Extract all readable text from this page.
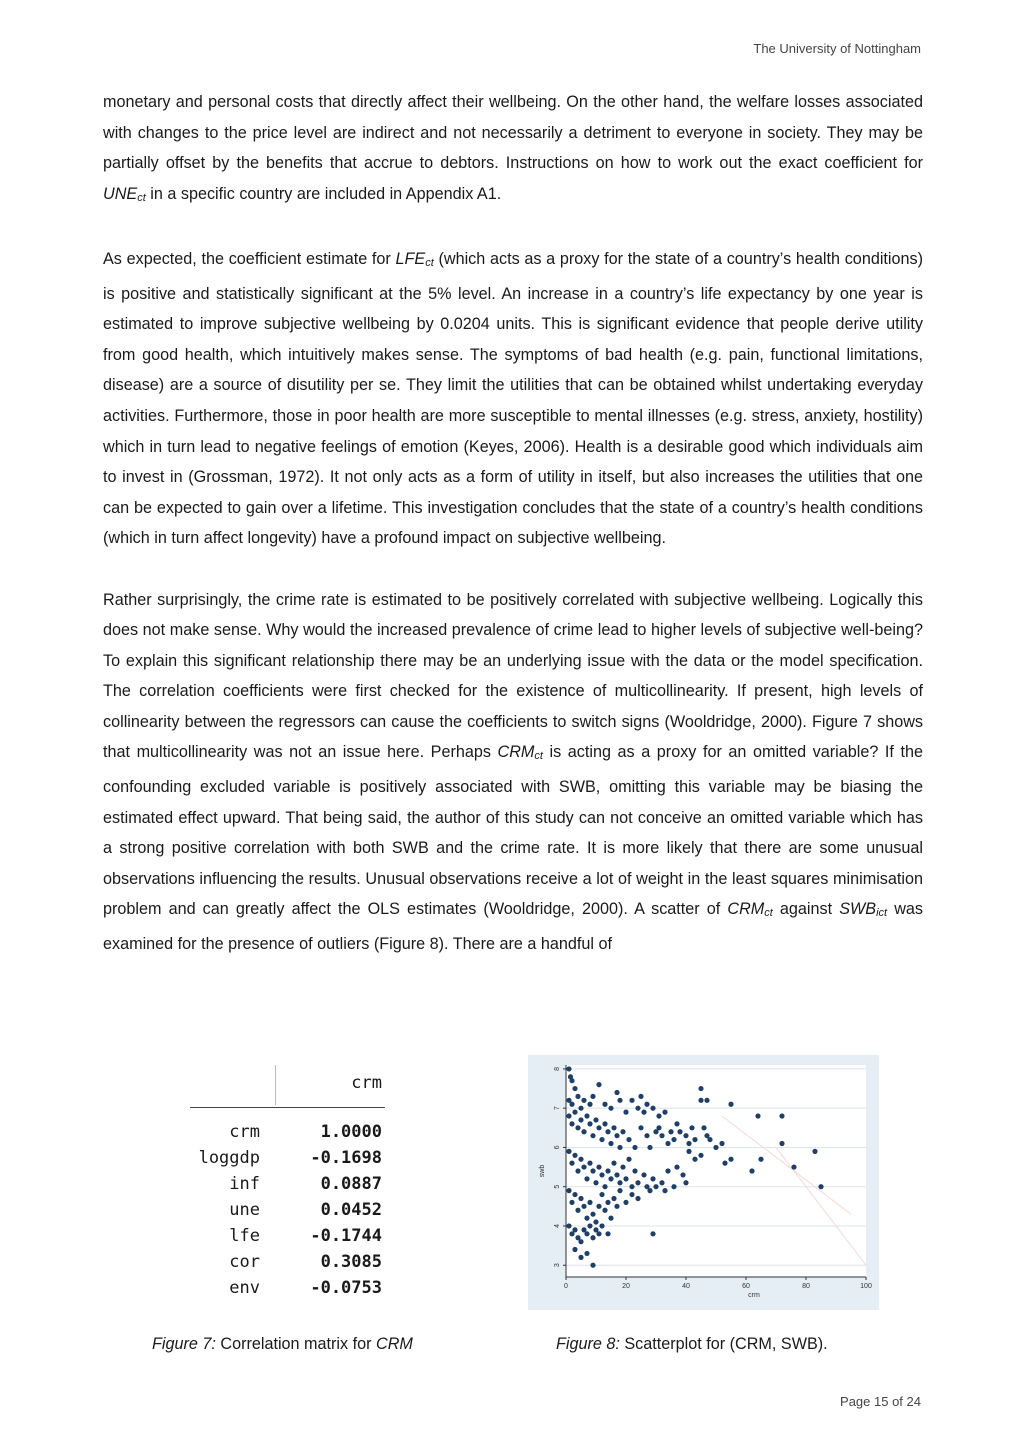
The University of Nottingham

monetary and personal costs that directly affect their wellbeing. On the other hand, the welfare losses associated with changes to the price level are indirect and not necessarily a detriment to everyone in society. They may be partially offset by the benefits that accrue to debtors. Instructions on how to work out the exact coefficient for $UNE_{ct}$ in a specific country are included in Appendix A1.

As expected, the coefficient estimate for $LFE_{ct}$ (which acts as a proxy for the state of a country’s health conditions) is positive and statistically significant at the 5% level. An increase in a country’s life expectancy by one year is estimated to improve subjective wellbeing by 0.0204 units. This is significant evidence that people derive utility from good health, which intuitively makes sense. The symptoms of bad health (e.g. pain, functional limitations, disease) are a source of disutility per se. They limit the utilities that can be obtained whilst undertaking everyday activities. Furthermore, those in poor health are more susceptible to mental illnesses (e.g. stress, anxiety, hostility) which in turn lead to negative feelings of emotion (Keyes, 2006). Health is a desirable good which individuals aim to invest in (Grossman, 1972). It not only acts as a form of utility in itself, but also increases the utilities that one can be expected to gain over a lifetime. This investigation concludes that the state of a country’s health conditions (which in turn affect longevity) have a profound impact on subjective wellbeing.

Rather surprisingly, the crime rate is estimated to be positively correlated with subjective wellbeing. Logically this does not make sense. Why would the increased prevalence of crime lead to higher levels of subjective well-being? To explain this significant relationship there may be an underlying issue with the data or the model specification. The correlation coefficients were first checked for the existence of multicollinearity. If present, high levels of collinearity between the regressors can cause the coefficients to switch signs (Wooldridge, 2000). Figure 7 shows that multicollinearity was not an issue here. Perhaps $CRM_{ct}$ is acting as a proxy for an omitted variable? If the confounding excluded variable is positively associated with SWB, omitting this variable may be biasing the estimated effect upward. That being said, the author of this study can not conceive an omitted variable which has a strong positive correlation with both SWB and the crime rate. It is more likely that there are some unusual observations influencing the results. Unusual observations receive a lot of weight in the least squares minimisation problem and can greatly affect the OLS estimates (Wooldridge, 2000). A scatter of $CRM_{ct}$ against $SWB_{ict}$ was examined for the presence of outliers (Figure 8). There are a handful of

crm
crm	1.0000
loggdp	-0.1698
inf	0.0887
une	0.0452
lfe	-0.1744
cor	0.3085
env	-0.0753
3
4
5
6
7
8
0	20	40	60	80	100
crm
swb
Figure 7: Correlation matrix for CRM	Figure 8: Scatterplot for (CRM, SWB).
Page 15 of 24
